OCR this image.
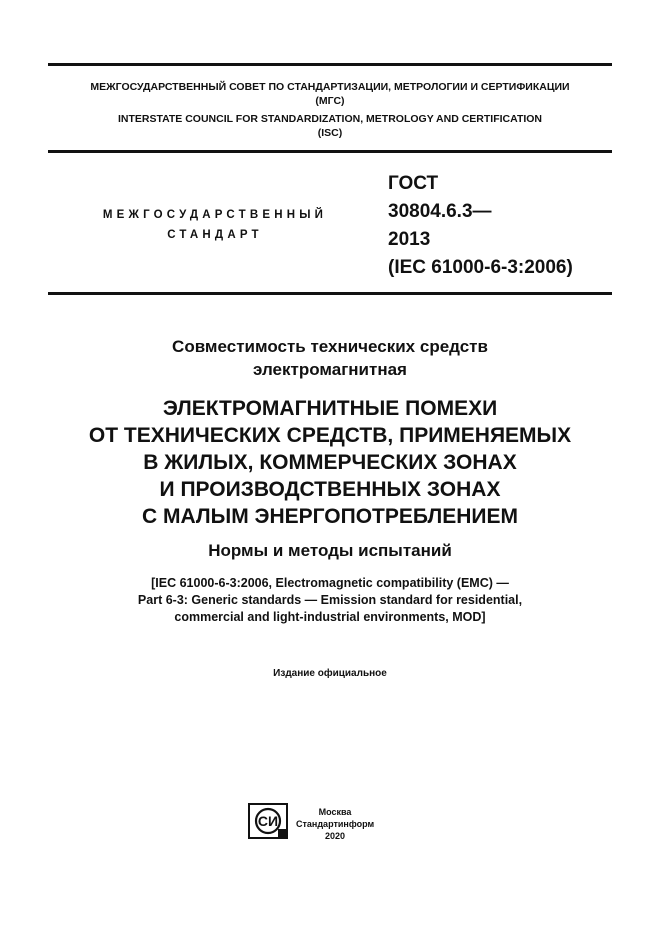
МЕЖГОСУДАРСТВЕННЫЙ СОВЕТ ПО СТАНДАРТИЗАЦИИ, МЕТРОЛОГИИ И СЕРТИФИКАЦИИ
(МГС)
INTERSTATE COUNCIL FOR STANDARDIZATION, METROLOGY AND CERTIFICATION
(ISC)
МЕЖГОСУДАРСТВЕННЫЙ
СТАНДАРТ
ГОСТ
30804.6.3—
2013
(IEC 61000-6-3:2006)
Совместимость технических средств
электромагнитная
ЭЛЕКТРОМАГНИТНЫЕ ПОМЕХИ
ОТ ТЕХНИЧЕСКИХ СРЕДСТВ, ПРИМЕНЯЕМЫХ
В ЖИЛЫХ, КОММЕРЧЕСКИХ ЗОНАХ
И ПРОИЗВОДСТВЕННЫХ ЗОНАХ
С МАЛЫМ ЭНЕРГОПОТРЕБЛЕНИЕМ
Нормы и методы испытаний
[IEC 61000-6-3:2006, Electromagnetic compatibility (EMC) —
Part 6-3: Generic standards — Emission standard for residential,
commercial and light-industrial environments, MOD]
Издание официальное
СИ
Москва
Стандартинформ
2020
